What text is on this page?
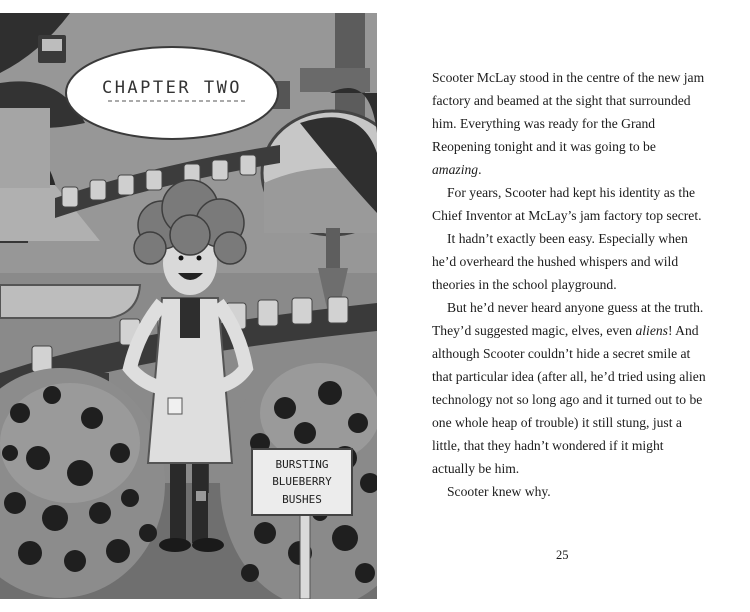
CHAPTER TWO
BURSTING
BLUEBERRY
BUSHES

Scooter McLay stood in the centre of the new jam factory and beamed at the sight that surrounded him. Everything was ready for the Grand Reopening tonight and it was going to be amazing.

For years, Scooter had kept his identity as the Chief Inventor at McLay’s jam factory top secret.

It hadn’t exactly been easy. Especially when he’d overheard the hushed whispers and wild theories in the school playground.

But he’d never heard anyone guess at the truth. They’d suggested magic, elves, even aliens! And although Scooter couldn’t hide a secret smile at that particular idea (after all, he’d tried using alien technology not so long ago and it turned out to be one whole heap of trouble) it still stung, just a little, that they hadn’t wondered if it might actually be him.

Scooter knew why.

25
